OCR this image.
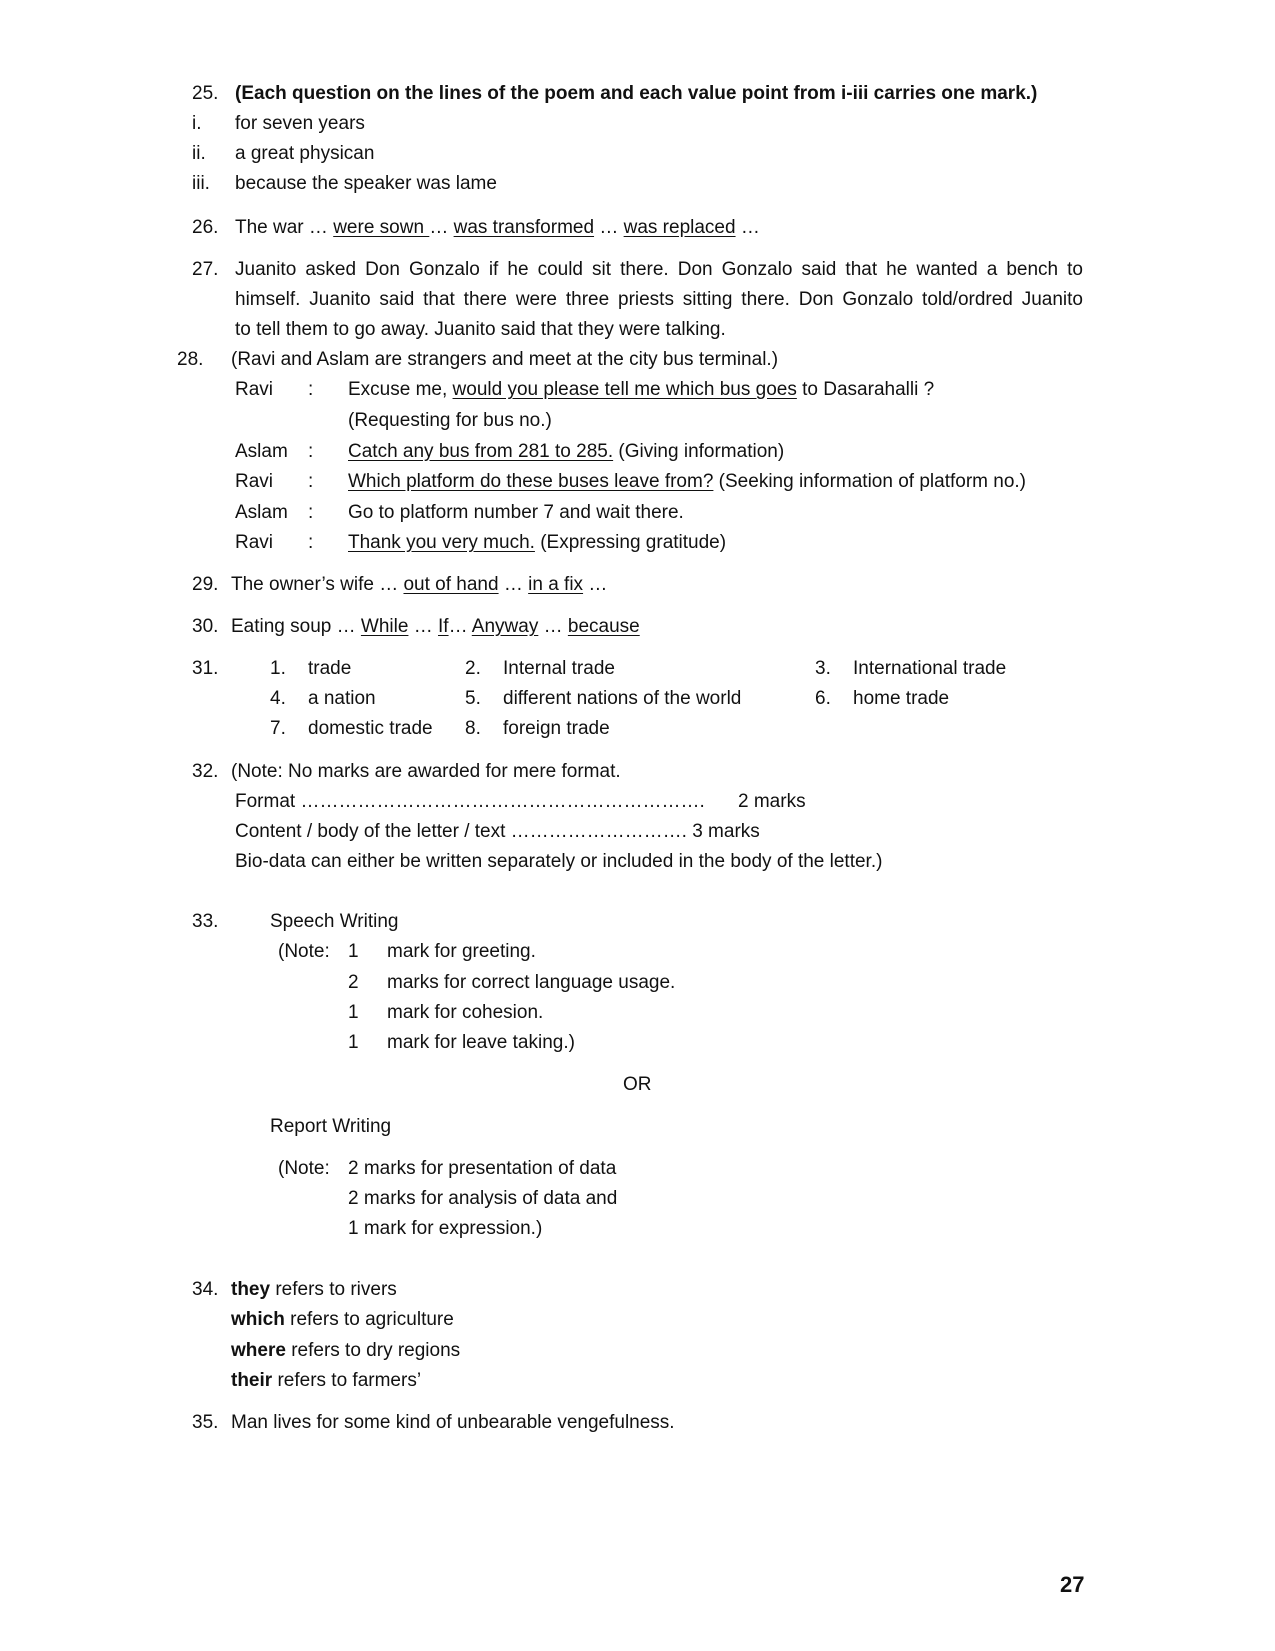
25. (Each question on the lines of the poem and each value point from i-iii carries one mark.)
i. for seven years
ii. a great physican
iii. because the speaker was lame
26. The war … were sown … was transformed … was replaced …
27. Juanito asked Don Gonzalo if he could sit there. Don Gonzalo said that he wanted a bench to
himself. Juanito said that there were three priests sitting there. Don Gonzalo told/ordred Juanito
to tell them to go away. Juanito said that they were talking.
28. (Ravi and Aslam are strangers and meet at the city bus terminal.)
Ravi : Excuse me, would you please tell me which bus goes to Dasarahalli ?
(Requesting for bus no.)
Aslam : Catch any bus from 281 to 285. (Giving information)
Ravi : Which platform do these buses leave from? (Seeking information of platform no.)
Aslam : Go to platform number 7 and wait there.
Ravi : Thank you very much. (Expressing gratitude)
29. The owner’s wife … out of hand … in a fix …
30. Eating soup … While … If… Anyway … because
31.	1. trade	2. Internal trade	3. International trade
4. a nation	5. different nations of the world	6. home trade
7. domestic trade 8. foreign trade
32. (Note: No marks are awarded for mere format.
Format ………………………………………………………. 2 marks
Content / body of the letter / text ………………………. 3 marks
Bio-data can either be written separately or included in the body of the letter.)
33.	Speech Writing
(Note: 1 mark for greeting.
2 marks for correct language usage.
1 mark for cohesion.
1 mark for leave taking.)
OR
Report Writing
(Note: 2 marks for presentation of data
2 marks for analysis of data and
1 mark for expression.)
34. they refers to rivers
which refers to agriculture
where refers to dry regions
their refers to farmers’
35. Man lives for some kind of unbearable vengefulness.
27
